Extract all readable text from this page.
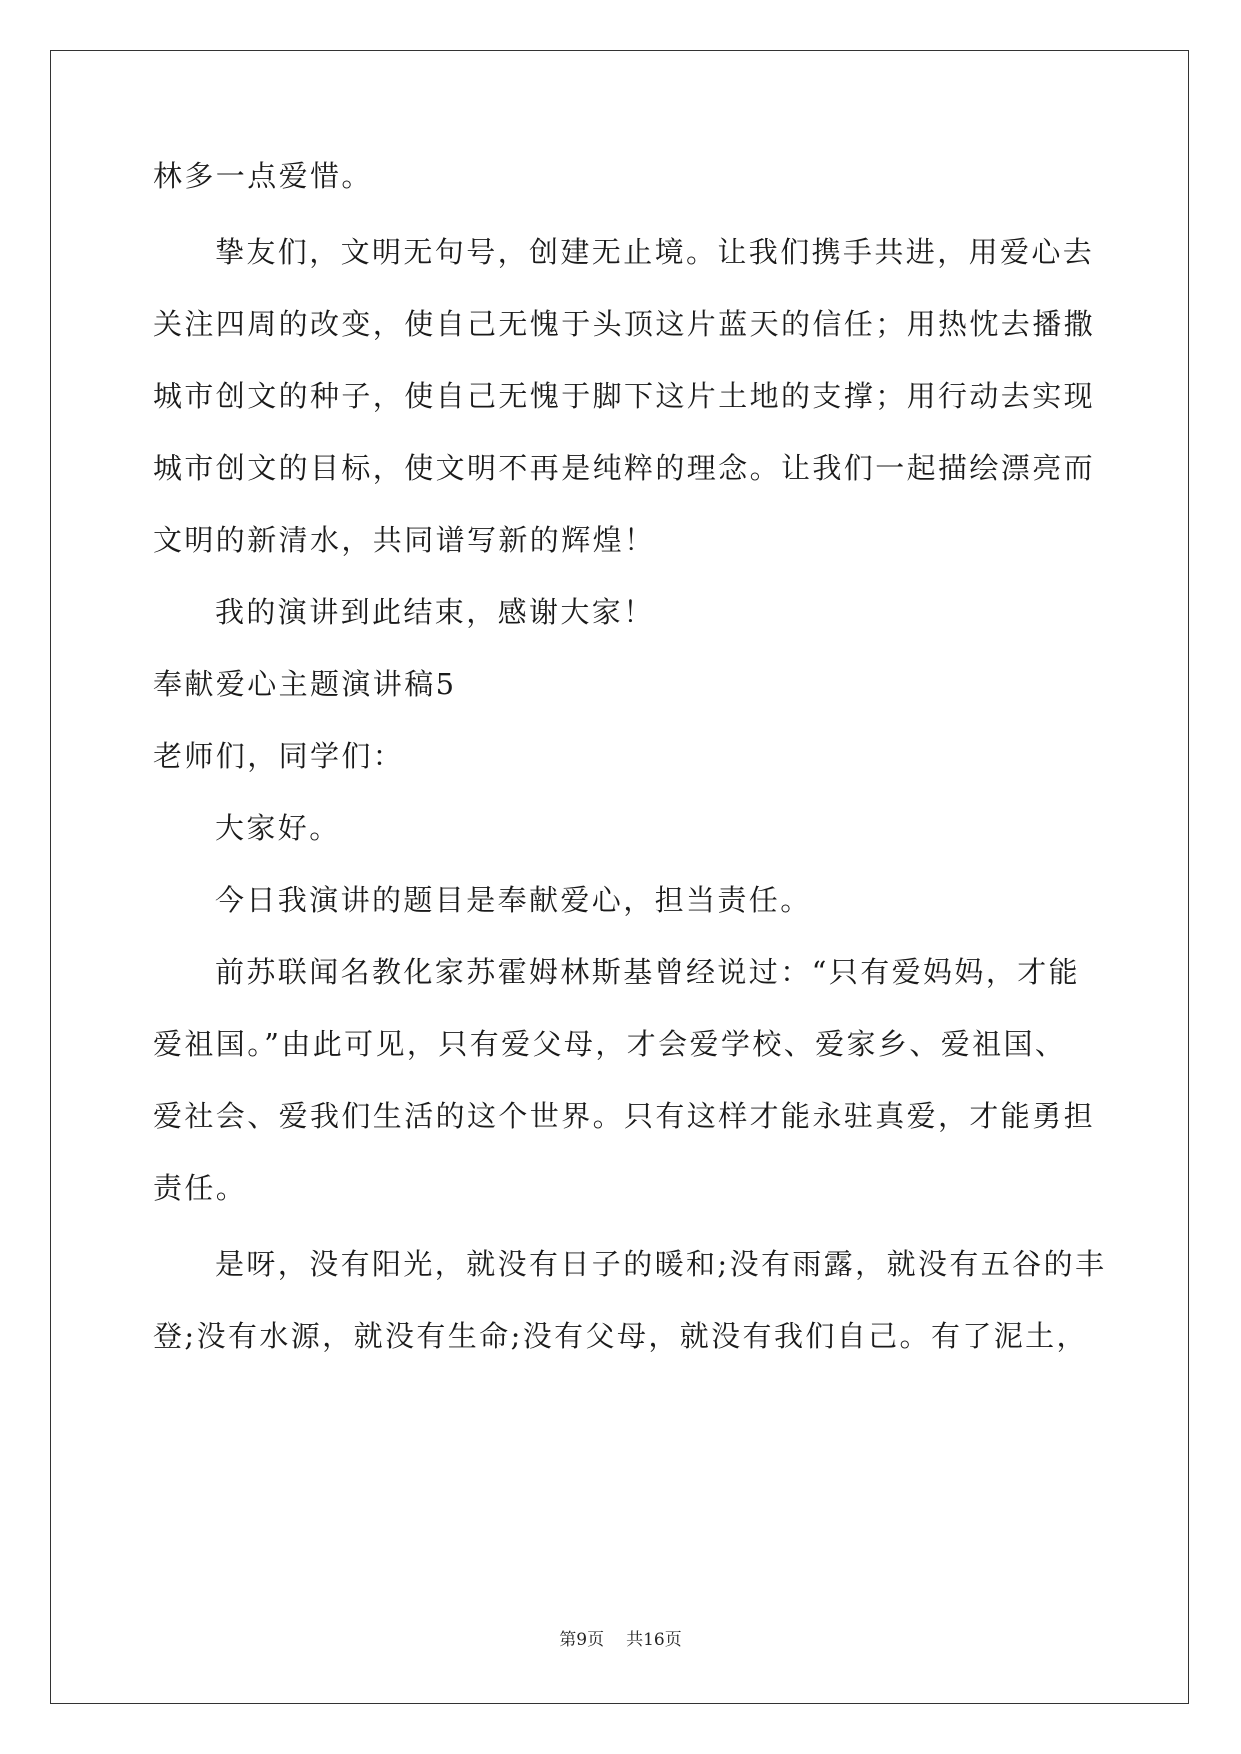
林多一点爱惜。
挚友们，文明无句号，创建无止境。让我们携手共进，用爱心去
关注四周的改变，使自己无愧于头顶这片蓝天的信任；用热忱去播撒
城市创文的种子，使自己无愧于脚下这片土地的支撑；用行动去实现
城市创文的目标，使文明不再是纯粹的理念。让我们一起描绘漂亮而
文明的新清水，共同谱写新的辉煌！
我的演讲到此结束，感谢大家！
奉献爱心主题演讲稿5
老师们，同学们：
大家好。
今日我演讲的题目是奉献爱心，担当责任。
前苏联闻名教化家苏霍姆林斯基曾经说过：“只有爱妈妈，才能
爱祖国。”由此可见，只有爱父母，才会爱学校、爱家乡、爱祖国、
爱社会、爱我们生活的这个世界。只有这样才能永驻真爱，才能勇担
责任。
是呀，没有阳光，就没有日子的暖和;没有雨露，就没有五谷的丰
登;没有水源，就没有生命;没有父母，就没有我们自己。有了泥土，
第9页 共16页
